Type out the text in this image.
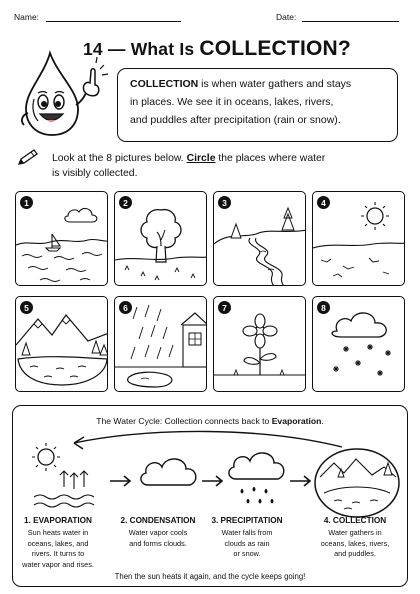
Name:	Date:
14 — What Is COLLECTION?
COLLECTION is when water gathers and stays
in places. We see it in oceans, lakes, rivers,
and puddles after precipitation (rain or snow).
Look at the 8 pictures below. Circle the places where water
is visibly collected.
1	2	3	4
5	6	7	8
The Water Cycle: Collection connects back to Evaporation.
1. EVAPORATION
Sun heats water in
oceans, lakes, and
rivers. It turns to
water vapor and rises.
2. CONDENSATION
Water vapor cools
and forms clouds.
3. PRECIPITATION
Water falls from
clouds as rain
or snow.
4. COLLECTION
Water gathers in
oceans, lakes, rivers,
and puddles.
Then the sun heats it again, and the cycle keeps going!
